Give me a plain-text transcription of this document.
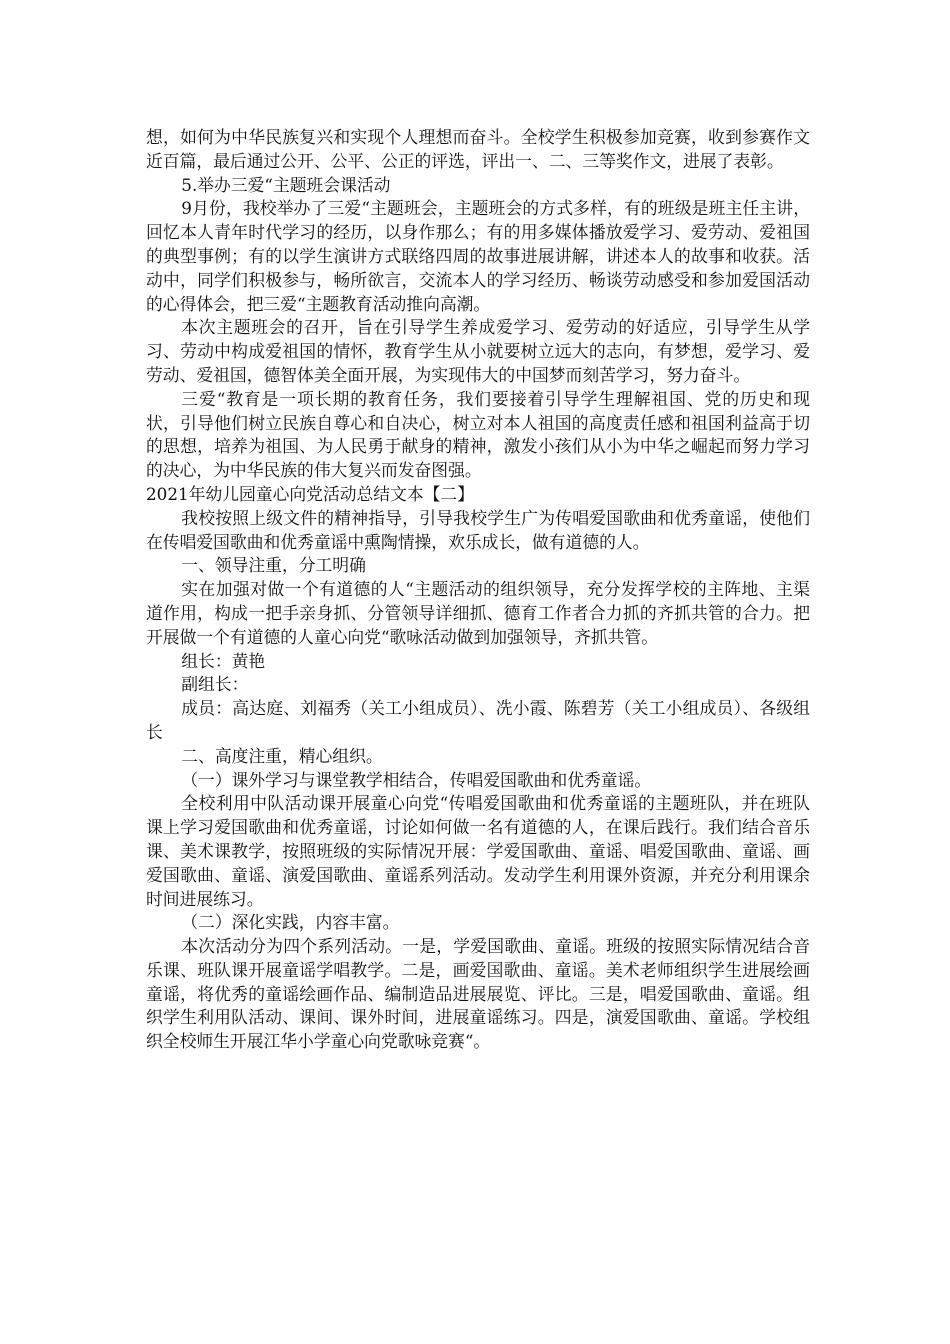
想，如何为中华民族复兴和实现个人理想而奋斗。全校学生积极参加竞赛，收到参赛作文近百篇，最后通过公开、公平、公正的评选，评出一、二、三等奖作文，进展了表彰。

5.举办三爱“主题班会课活动

9月份，我校举办了三爱“主题班会，主题班会的方式多样，有的班级是班主任主讲，回忆本人青年时代学习的经历，以身作那么；有的用多媒体播放爱学习、爱劳动、爱祖国的典型事例；有的以学生演讲方式联络四周的故事进展讲解，讲述本人的故事和收获。活动中，同学们积极参与，畅所欲言，交流本人的学习经历、畅谈劳动感受和参加爱国活动的心得体会，把三爱“主题教育活动推向高潮。

本次主题班会的召开，旨在引导学生养成爱学习、爱劳动的好适应，引导学生从学习、劳动中构成爱祖国的情怀，教育学生从小就要树立远大的志向，有梦想，爱学习、爱劳动、爱祖国，德智体美全面开展，为实现伟大的中国梦而刻苦学习，努力奋斗。

三爱“教育是一项长期的教育任务，我们要接着引导学生理解祖国、党的历史和现状，引导他们树立民族自尊心和自决心，树立对本人祖国的高度责任感和祖国利益高于切的思想，培养为祖国、为人民勇于献身的精神，激发小孩们从小为中华之崛起而努力学习的决心，为中华民族的伟大复兴而发奋图强。

2021年幼儿园童心向党活动总结文本【二】

我校按照上级文件的精神指导，引导我校学生广为传唱爱国歌曲和优秀童谣，使他们在传唱爱国歌曲和优秀童谣中熏陶情操，欢乐成长，做有道德的人。

一、领导注重，分工明确

实在加强对做一个有道德的人“主题活动的组织领导，充分发挥学校的主阵地、主渠道作用，构成一把手亲身抓、分管领导详细抓、德育工作者合力抓的齐抓共管的合力。把开展做一个有道德的人童心向党“歌咏活动做到加强领导，齐抓共管。

组长：黄艳

副组长：

成员：高达庭、刘福秀（关工小组成员）、冼小霞、陈碧芳（关工小组成员）、各级组长

二、高度注重，精心组织。

（一）课外学习与课堂教学相结合，传唱爱国歌曲和优秀童谣。

全校利用中队活动课开展童心向党“传唱爱国歌曲和优秀童谣的主题班队，并在班队课上学习爱国歌曲和优秀童谣，讨论如何做一名有道德的人，在课后践行。我们结合音乐课、美术课教学，按照班级的实际情况开展：学爱国歌曲、童谣、唱爱国歌曲、童谣、画爱国歌曲、童谣、演爱国歌曲、童谣系列活动。发动学生利用课外资源，并充分利用课余时间进展练习。

（二）深化实践，内容丰富。

本次活动分为四个系列活动。一是，学爱国歌曲、童谣。班级的按照实际情况结合音乐课、班队课开展童谣学唱教学。二是，画爱国歌曲、童谣。美术老师组织学生进展绘画童谣，将优秀的童谣绘画作品、编制造品进展展览、评比。三是，唱爱国歌曲、童谣。组织学生利用队活动、课间、课外时间，进展童谣练习。四是，演爱国歌曲、童谣。学校组织全校师生开展江华小学童心向党歌咏竞赛“。
